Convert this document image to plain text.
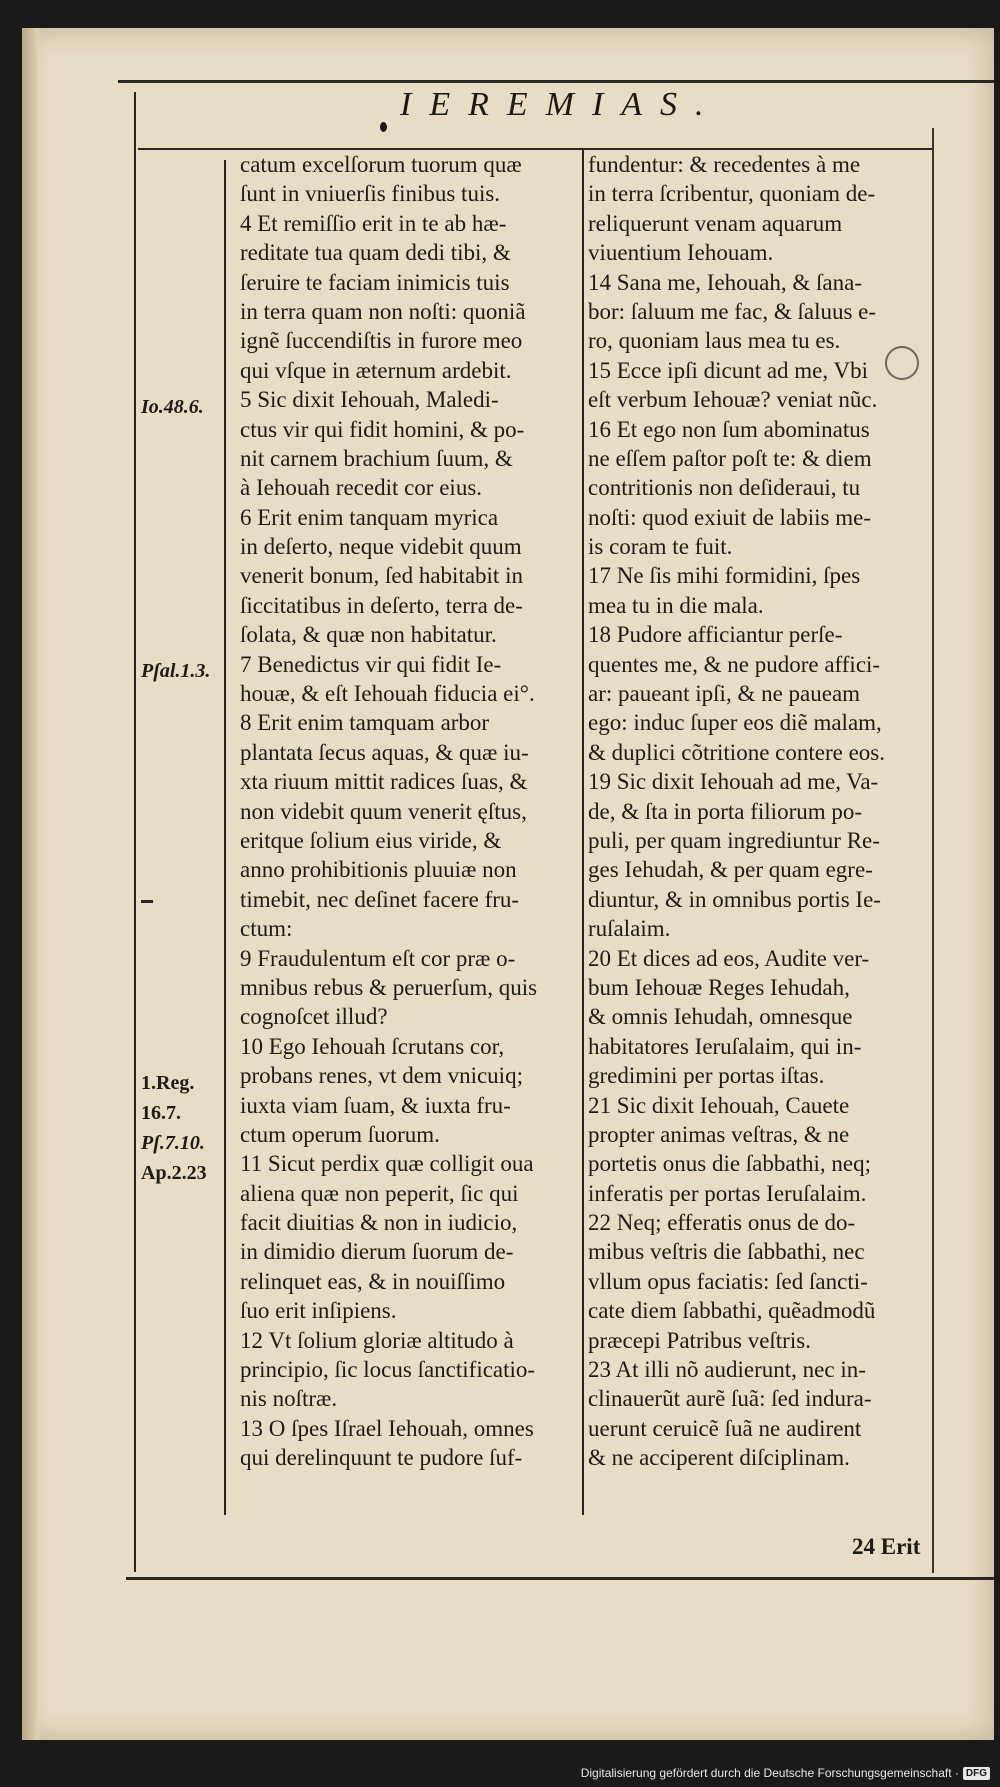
IEREMIAS.
Io.48.6.
Pſal.1.3.
1.Reg.
16.7.
Pſ.7.10.
Ap.2.23
catum excelſorum tuorum quæ
ſunt in vniuerſis finibus tuis.
4 Et remiſſio erit in te ab hæ-
reditate tua quam dedi tibi, &
ſeruire te faciam inimicis tuis
in terra quam non noſti: quoniã
ignẽ ſuccendiſtis in furore meo
qui vſque in æternum ardebit.
5 Sic dixit Iehouah, Maledi-
ctus vir qui fidit homini, & po-
nit carnem brachium ſuum, &
à Iehouah recedit cor eius.
6 Erit enim tanquam myrica
in deſerto, neque videbit quum
venerit bonum, ſed habitabit in
ſiccitatibus in deſerto, terra de-
ſolata, & quæ non habitatur.
7 Benedictus vir qui fidit Ie-
houæ, & eſt Iehouah fiducia ei°.
8 Erit enim tamquam arbor
plantata ſecus aquas, & quæ iu-
xta riuum mittit radices ſuas, &
non videbit quum venerit ęſtus,
eritque ſolium eius viride, &
anno prohibitionis pluuiæ non
timebit, nec deſinet facere fru-
ctum:
9 Fraudulentum eſt cor præ o-
mnibus rebus & peruerſum, quis
cognoſcet illud?
10 Ego Iehouah ſcrutans cor,
probans renes, vt dem vnicuiq;
iuxta viam ſuam, & iuxta fru-
ctum operum ſuorum.
11 Sicut perdix quæ colligit oua
aliena quæ non peperit, ſic qui
facit diuitias & non in iudicio,
in dimidio dierum ſuorum de-
relinquet eas, & in nouiſſimo
ſuo erit inſipiens.
12 Vt ſolium gloriæ altitudo à
principio, ſic locus ſanctificatio-
nis noſtræ.
13 O ſpes Iſrael Iehouah, omnes
qui derelinquunt te pudore ſuf-
fundentur: & recedentes à me
in terra ſcribentur, quoniam de-
reliquerunt venam aquarum
viuentium Iehouam.
14 Sana me, Iehouah, & ſana-
bor: ſaluum me fac, & ſaluus e-
ro, quoniam laus mea tu es.
15 Ecce ipſi dicunt ad me, Vbi
eſt verbum Iehouæ? veniat nũc.
16 Et ego non ſum abominatus
ne eſſem paſtor poſt te: & diem
contritionis non deſideraui, tu
noſti: quod exiuit de labiis me-
is coram te fuit.
17 Ne ſis mihi formidini, ſpes
mea tu in die mala.
18 Pudore afficiantur perſe-
quentes me, & ne pudore affici-
ar: paueant ipſi, & ne paueam
ego: induc ſuper eos diẽ malam,
& duplici cõtritione contere eos.
19 Sic dixit Iehouah ad me, Va-
de, & ſta in porta filiorum po-
puli, per quam ingrediuntur Re-
ges Iehudah, & per quam egre-
diuntur, & in omnibus portis Ie-
ruſalaim.
20 Et dices ad eos, Audite ver-
bum Iehouæ Reges Iehudah,
& omnis Iehudah, omnesque
habitatores Ieruſalaim, qui in-
gredimini per portas iſtas.
21 Sic dixit Iehouah, Cauete
propter animas veſtras, & ne
portetis onus die ſabbathi, neq;
inferatis per portas Ieruſalaim.
22 Neq; efferatis onus de do-
mibus veſtris die ſabbathi, nec
vllum opus faciatis: ſed ſancti-
cate diem ſabbathi, quẽadmodũ
præcepi Patribus veſtris.
23 At illi nõ audierunt, nec in-
clinauerũt aurẽ ſuã: ſed indura-
uerunt ceruicẽ ſuã ne audirent
& ne acciperent diſciplinam.
24 Erit
Digitalisierung gefördert durch die Deutsche Forschungsgemeinschaft · DFG
